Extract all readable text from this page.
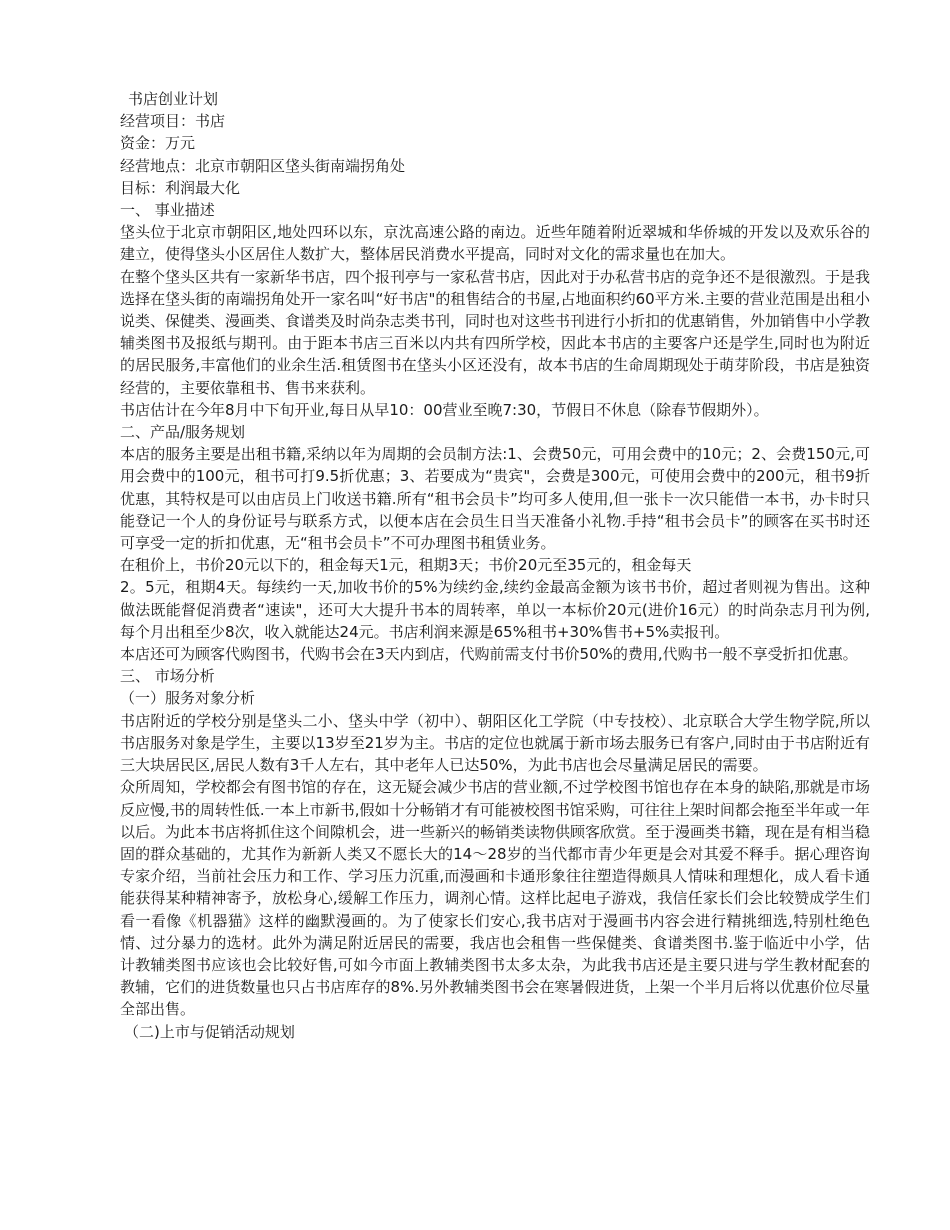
书店创业计划
经营项目：书店
资金：万元
经营地点：北京市朝阳区垡头街南端拐角处
目标：利润最大化
一、 事业描述
垡头位于北京市朝阳区,地处四环以东，京沈高速公路的南边。近些年随着附近翠城和华侨城的开发以及欢乐谷的建立，使得垡头小区居住人数扩大，整体居民消费水平提高，同时对文化的需求量也在加大。
在整个垡头区共有一家新华书店，四个报刊亭与一家私营书店，因此对于办私营书店的竞争还不是很激烈。于是我选择在垡头街的南端拐角处开一家名叫“好书店"的租售结合的书屋,占地面积约60平方米.主要的营业范围是出租小说类、保健类、漫画类、食谱类及时尚杂志类书刊，同时也对这些书刊进行小折扣的优惠销售，外加销售中小学教辅类图书及报纸与期刊。由于距本书店三百米以内共有四所学校，因此本书店的主要客户还是学生,同时也为附近的居民服务,丰富他们的业余生活.租赁图书在垡头小区还没有，故本书店的生命周期现处于萌芽阶段，书店是独资经营的，主要依靠租书、售书来获利。
书店估计在今年8月中下旬开业,每日从早10：00营业至晚7:30，节假日不休息（除春节假期外）。
二、产品/服务规划
本店的服务主要是出租书籍,采纳以年为周期的会员制方法:1、会费50元，可用会费中的10元；2、会费150元,可用会费中的100元，租书可打9.5折优惠；3、若要成为“贵宾"，会费是300元，可使用会费中的200元，租书9折优惠，其特权是可以由店员上门收送书籍.所有“租书会员卡”均可多人使用,但一张卡一次只能借一本书，办卡时只能登记一个人的身份证号与联系方式，以便本店在会员生日当天准备小礼物.手持“租书会员卡”的顾客在买书时还可享受一定的折扣优惠，无“租书会员卡”不可办理图书租赁业务。
在租价上，书价20元以下的，租金每天1元，租期3天；书价20元至35元的，租金每天
2。5元，租期4天。每续约一天,加收书价的5%为续约金,续约金最高金额为该书书价，超过者则视为售出。这种做法既能督促消费者“速读"，还可大大提升书本的周转率，单以一本标价20元(进价16元）的时尚杂志月刊为例,每个月出租至少8次，收入就能达24元。书店利润来源是65%租书+30%售书+5%卖报刊。
本店还可为顾客代购图书，代购书会在3天内到店，代购前需支付书价50%的费用,代购书一般不享受折扣优惠。
三、 市场分析
（一）服务对象分析
书店附近的学校分别是垡头二小、垡头中学（初中）、朝阳区化工学院（中专技校）、北京联合大学生物学院,所以书店服务对象是学生，主要以13岁至21岁为主。书店的定位也就属于新市场去服务已有客户,同时由于书店附近有三大块居民区,居民人数有3千人左右，其中老年人已达50%，为此书店也会尽量满足居民的需要。
众所周知，学校都会有图书馆的存在，这无疑会减少书店的营业额,不过学校图书馆也存在本身的缺陷,那就是市场反应慢,书的周转性低.一本上市新书,假如十分畅销才有可能被校图书馆采购，可往往上架时间都会拖至半年或一年以后。为此本书店将抓住这个间隙机会，进一些新兴的畅销类读物供顾客欣赏。至于漫画类书籍，现在是有相当稳固的群众基础的，尤其作为新新人类又不愿长大的14～28岁的当代都市青少年更是会对其爱不释手。据心理咨询专家介绍，当前社会压力和工作、学习压力沉重,而漫画和卡通形象往往塑造得颇具人情味和理想化，成人看卡通能获得某种精神寄予，放松身心,缓解工作压力，调剂心情。这样比起电子游戏，我信任家长们会比较赞成学生们看一看像《机器猫》这样的幽默漫画的。为了使家长们安心,我书店对于漫画书内容会进行精挑细选,特别杜绝色情、过分暴力的选材。此外为满足附近居民的需要，我店也会租售一些保健类、食谱类图书.鉴于临近中小学，估计教辅类图书应该也会比较好售,可如今市面上教辅类图书太多太杂，为此我书店还是主要只进与学生教材配套的教辅，它们的进货数量也只占书店库存的8%.另外教辅类图书会在寒暑假进货，上架一个半月后将以优惠价位尽量全部出售。
（二)上市与促销活动规划
